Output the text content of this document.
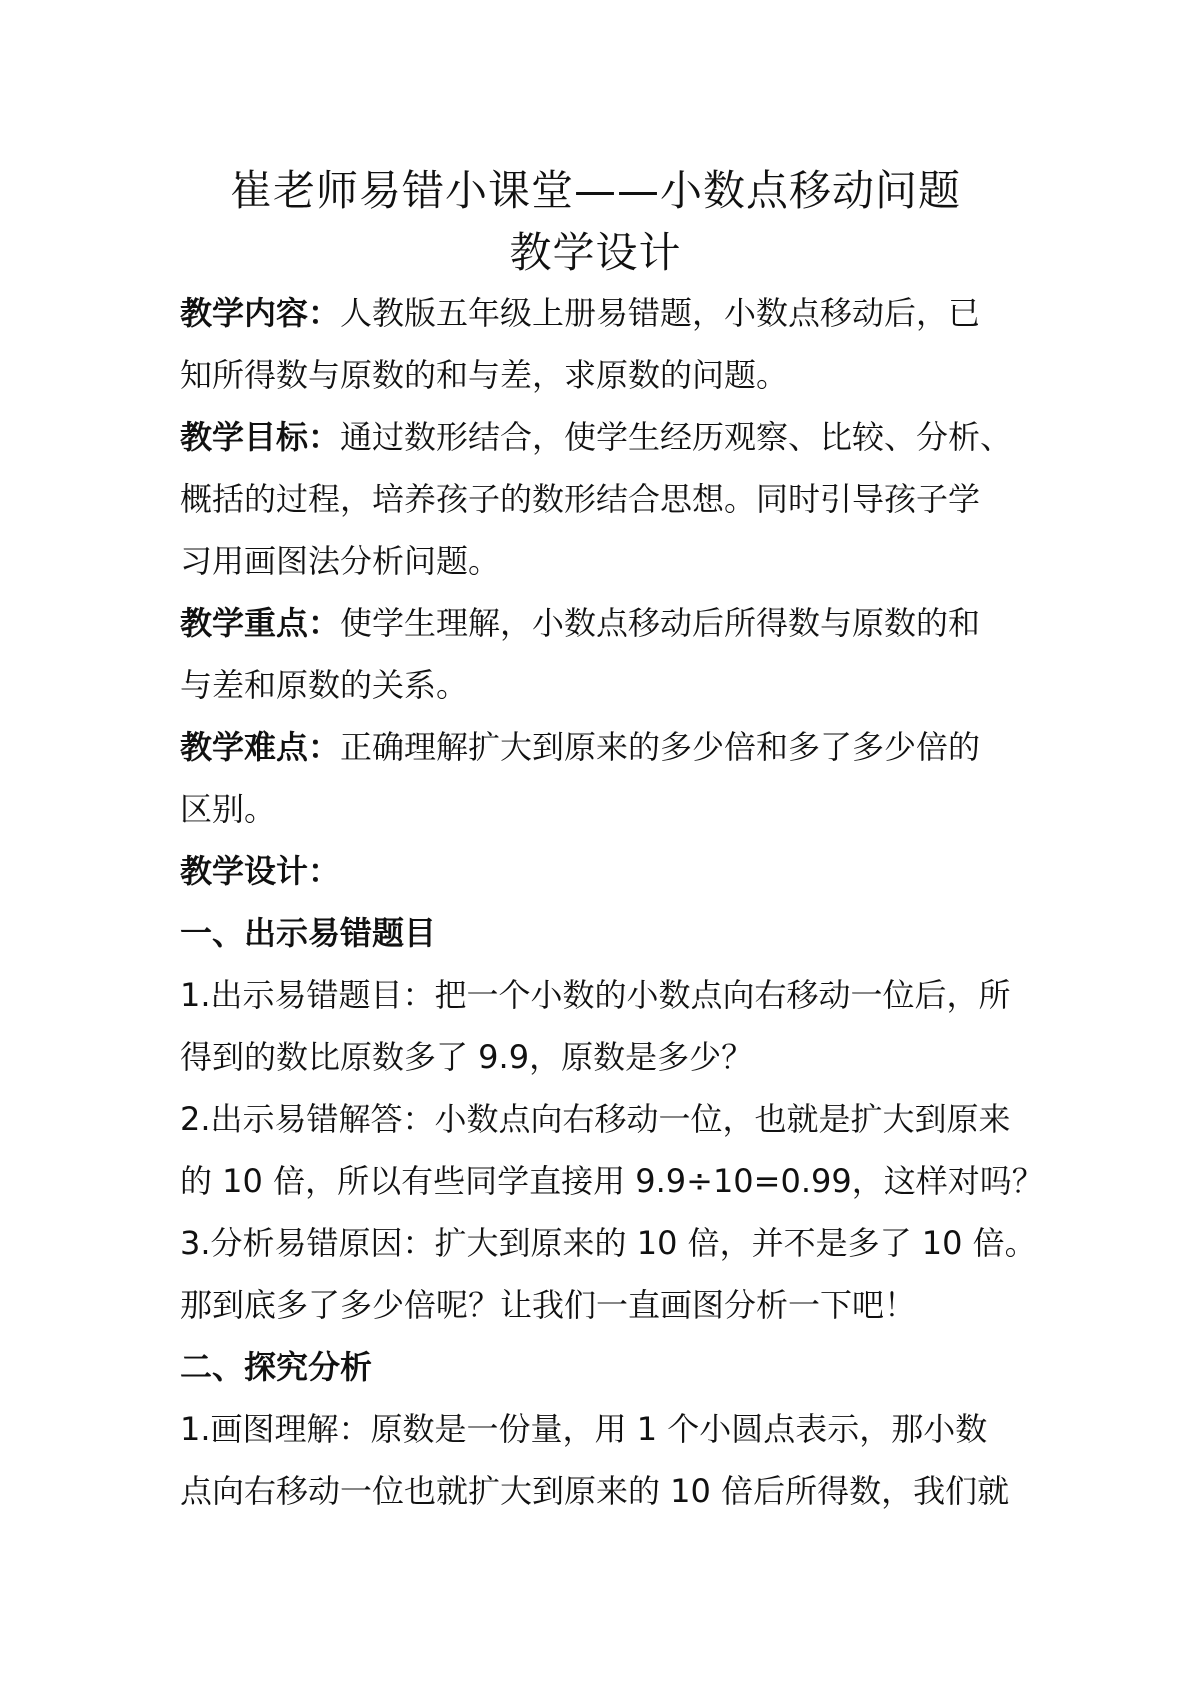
崔老师易错小课堂——小数点移动问题
教学设计
教学内容：人教版五年级上册易错题，小数点移动后，已
知所得数与原数的和与差，求原数的问题。
教学目标：通过数形结合，使学生经历观察、比较、分析、
概括的过程，培养孩子的数形结合思想。同时引导孩子学
习用画图法分析问题。
教学重点：使学生理解，小数点移动后所得数与原数的和
与差和原数的关系。
教学难点：正确理解扩大到原来的多少倍和多了多少倍的
区别。
教学设计：
一、出示易错题目
1.出示易错题目：把一个小数的小数点向右移动一位后，所
得到的数比原数多了 9.9，原数是多少？
2.出示易错解答：小数点向右移动一位，也就是扩大到原来
的 10 倍，所以有些同学直接用 9.9÷10=0.99，这样对吗？
3.分析易错原因：扩大到原来的 10 倍，并不是多了 10 倍。
那到底多了多少倍呢？让我们一直画图分析一下吧！
二、探究分析
1.画图理解：原数是一份量，用 1 个小圆点表示，那小数
点向右移动一位也就扩大到原来的 10 倍后所得数，我们就
